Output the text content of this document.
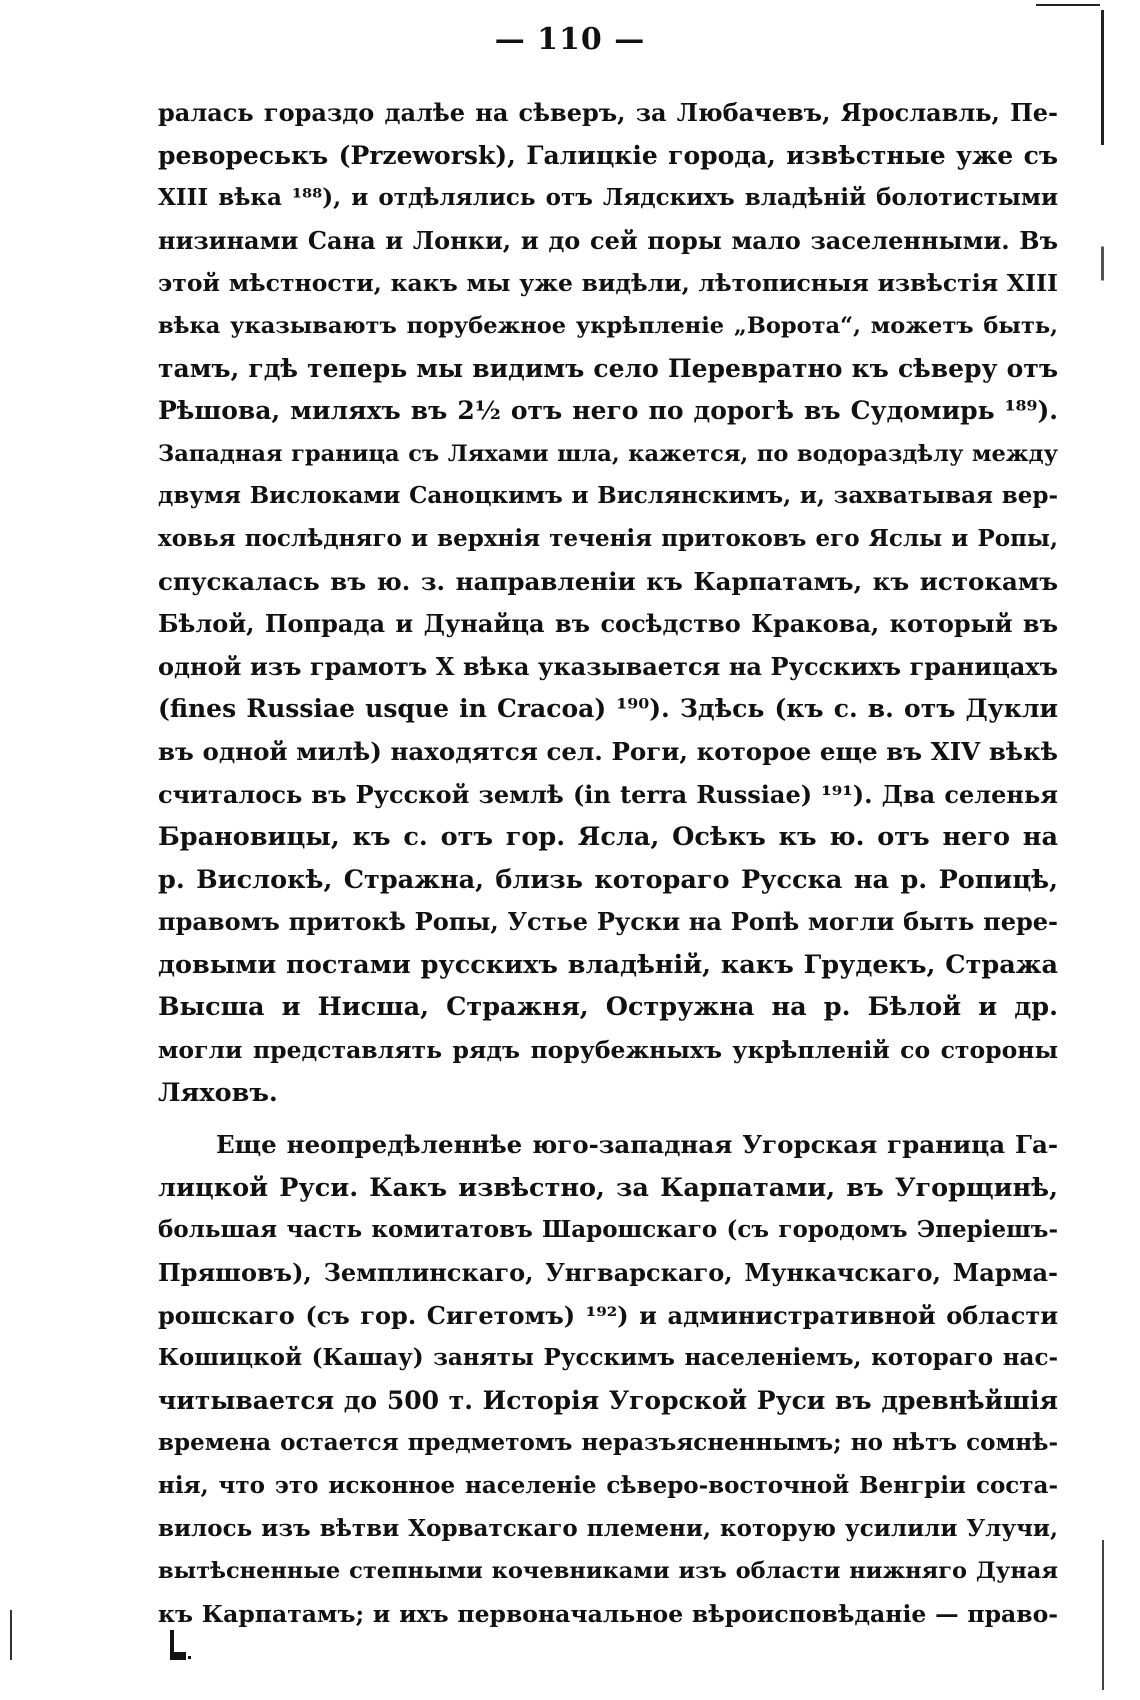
— 110 —
ралась гораздо далѣе на сѣверъ, за Любачевъ, Ярославль, Пе-
ревореськъ (Przeworsk), Галицкіе города, извѣстные уже съ
XIII вѣка ¹⁸⁸), и отдѣлялись отъ Лядскихъ владѣній болотистыми
низинами Сана и Лонки, и до сей поры мало заселенными. Въ
этой мѣстности, какъ мы уже видѣли, лѣтописныя извѣстія XIII
вѣка указываютъ порубежное укрѣпленіе „Ворота“, можетъ быть,
тамъ, гдѣ теперь мы видимъ село Перевратно къ сѣверу отъ
Рѣшова, миляхъ въ 2½ отъ него по дорогѣ въ Судомирь ¹⁸⁹).
Западная граница съ Ляхами шла, кажется, по водораздѣлу между
двумя Вислоками Саноцкимъ и Вислянскимъ, и, захватывая вер-
ховья послѣдняго и верхнія теченія притоковъ его Яслы и Ропы,
спускалась въ ю. з. направленіи къ Карпатамъ, къ истокамъ
Бѣлой, Попрада и Дунайца въ сосѣдство Кракова, который въ
одной изъ грамотъ X вѣка указывается на Русскихъ границахъ
(fines Russiae usque in Cracoa) ¹⁹⁰). Здѣсь (къ с. в. отъ Дукли
въ одной милѣ) находятся сел. Роги, которое еще въ XIV вѣкѣ
считалось въ Русской землѣ (in terra Russiae) ¹⁹¹). Два селенья
Брановицы, къ с. отъ гор. Ясла, Осѣкъ къ ю. отъ него на
р. Вислокѣ, Стражна, близь котораго Русска на р. Ропицѣ,
правомъ притокѣ Ропы, Устье Руски на Ропѣ могли быть пере-
довыми постами русскихъ владѣній, какъ Грудекъ, Стража
Высша и Нисша, Стражня, Остружна на р. Бѣлой и др.
могли представлять рядъ порубежныхъ укрѣпленій со стороны
Ляховъ.
Еще неопредѣленнѣе юго-западная Угорская граница Га-
лицкой Руси. Какъ извѣстно, за Карпатами, въ Угорщинѣ,
большая часть комитатовъ Шарошскаго (съ городомъ Эперіешъ-
Пряшовъ), Земплинскаго, Унгварскаго, Мункачскаго, Марма-
рошскаго (съ гор. Сигетомъ) ¹⁹²) и административной области
Кошицкой (Кашау) заняты Русскимъ населеніемъ, котораго нас-
читывается до 500 т. Исторія Угорской Руси въ древнѣйшія
времена остается предметомъ неразъясненнымъ; но нѣтъ сомнѣ-
нія, что это исконное населеніе сѣверо-восточной Венгріи соста-
вилось изъ вѣтви Хорватскаго племени, которую усилили Улучи,
вытѣсненные степными кочевниками изъ области нижняго Дуная
къ Карпатамъ; и ихъ первоначальное вѣроисповѣданіе — право-
